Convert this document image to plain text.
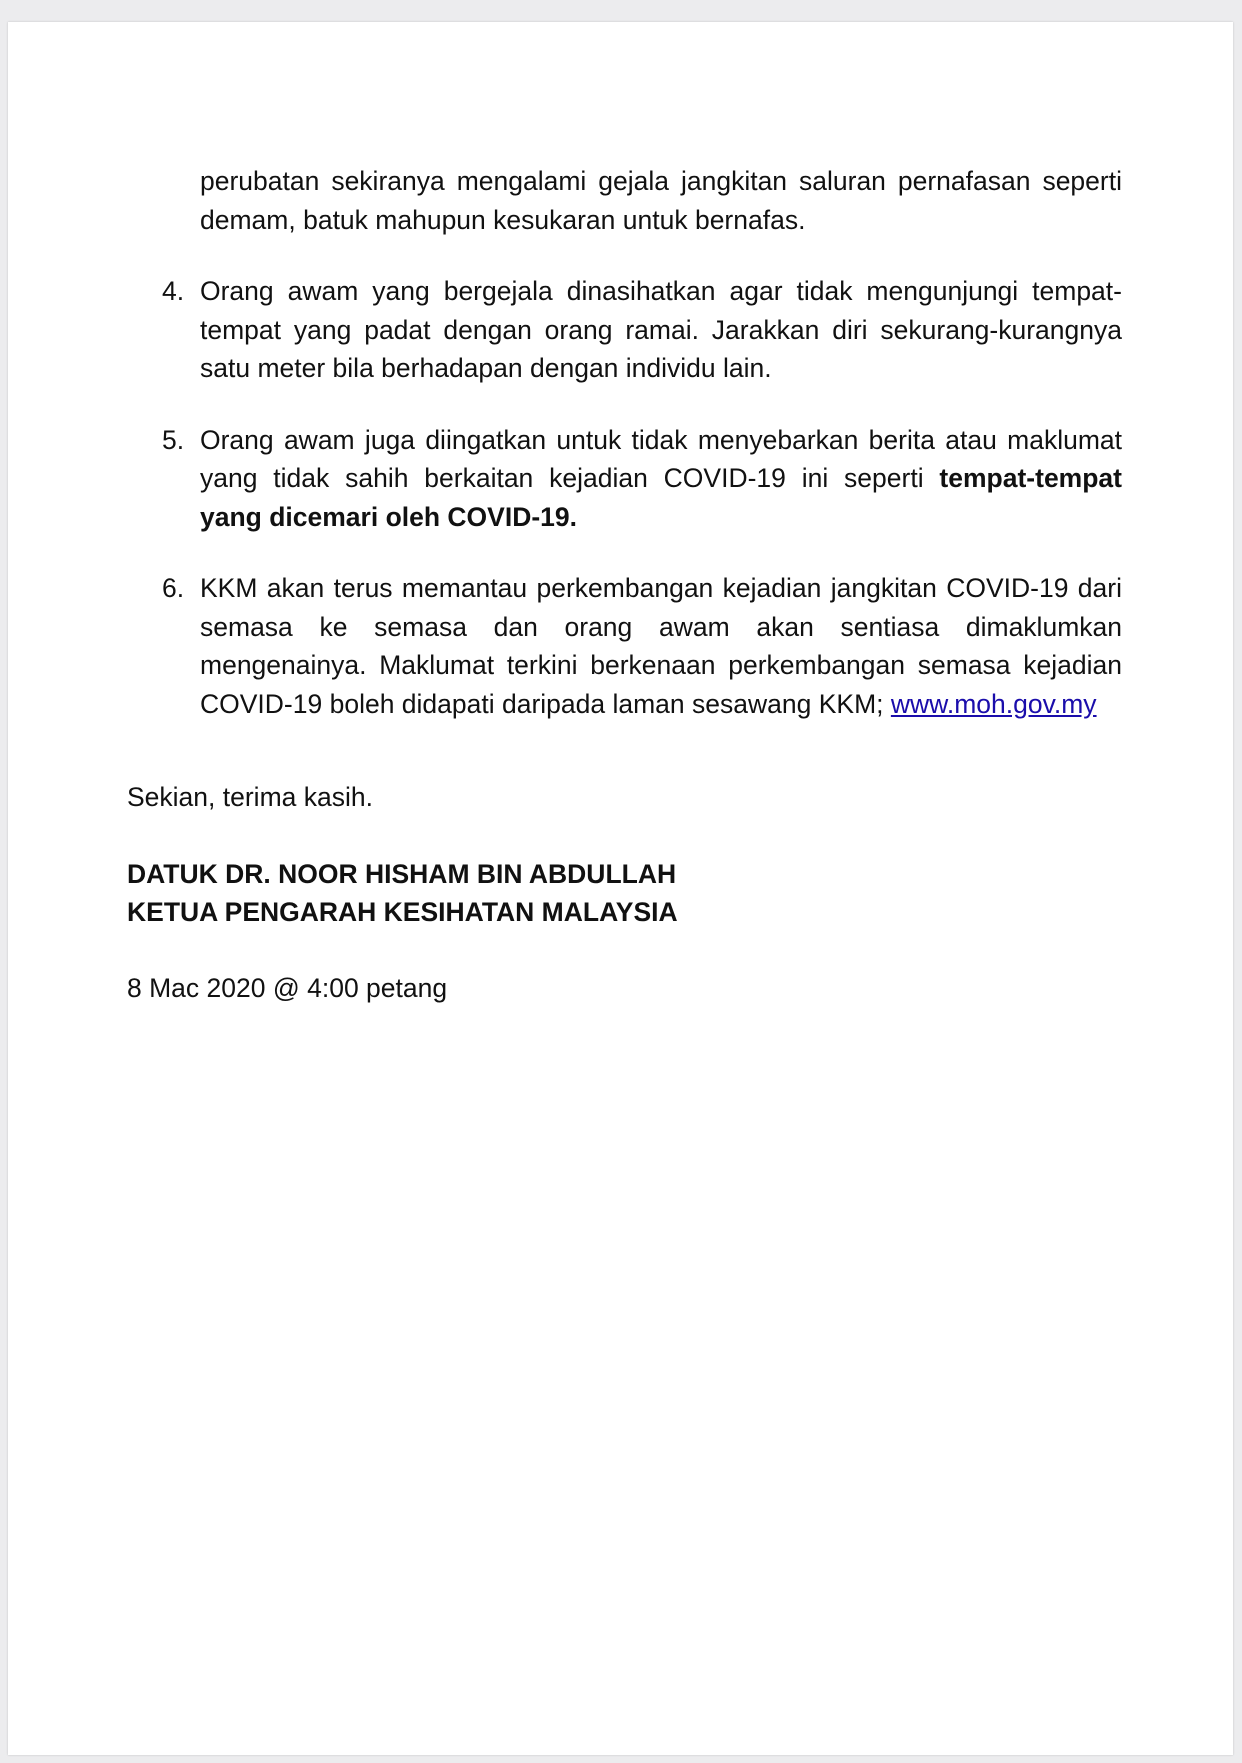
perubatan sekiranya mengalami gejala jangkitan saluran pernafasan seperti demam, batuk mahupun kesukaran untuk bernafas.

4. Orang awam yang bergejala dinasihatkan agar tidak mengunjungi tempat-tempat yang padat dengan orang ramai. Jarakkan diri sekurang-kurangnya satu meter bila berhadapan dengan individu lain.
5. Orang awam juga diingatkan untuk tidak menyebarkan berita atau maklumat yang tidak sahih berkaitan kejadian COVID-19 ini seperti tempat-tempat yang dicemari oleh COVID-19.
6. KKM akan terus memantau perkembangan kejadian jangkitan COVID-19 dari semasa ke semasa dan orang awam akan sentiasa dimaklumkan mengenainya. Maklumat terkini berkenaan perkembangan semasa kejadian COVID-19 boleh didapati daripada laman sesawang KKM; www.moh.gov.my
Sekian, terima kasih.
DATUK DR. NOOR HISHAM BIN ABDULLAH
KETUA PENGARAH KESIHATAN MALAYSIA
8 Mac 2020 @ 4:00 petang
